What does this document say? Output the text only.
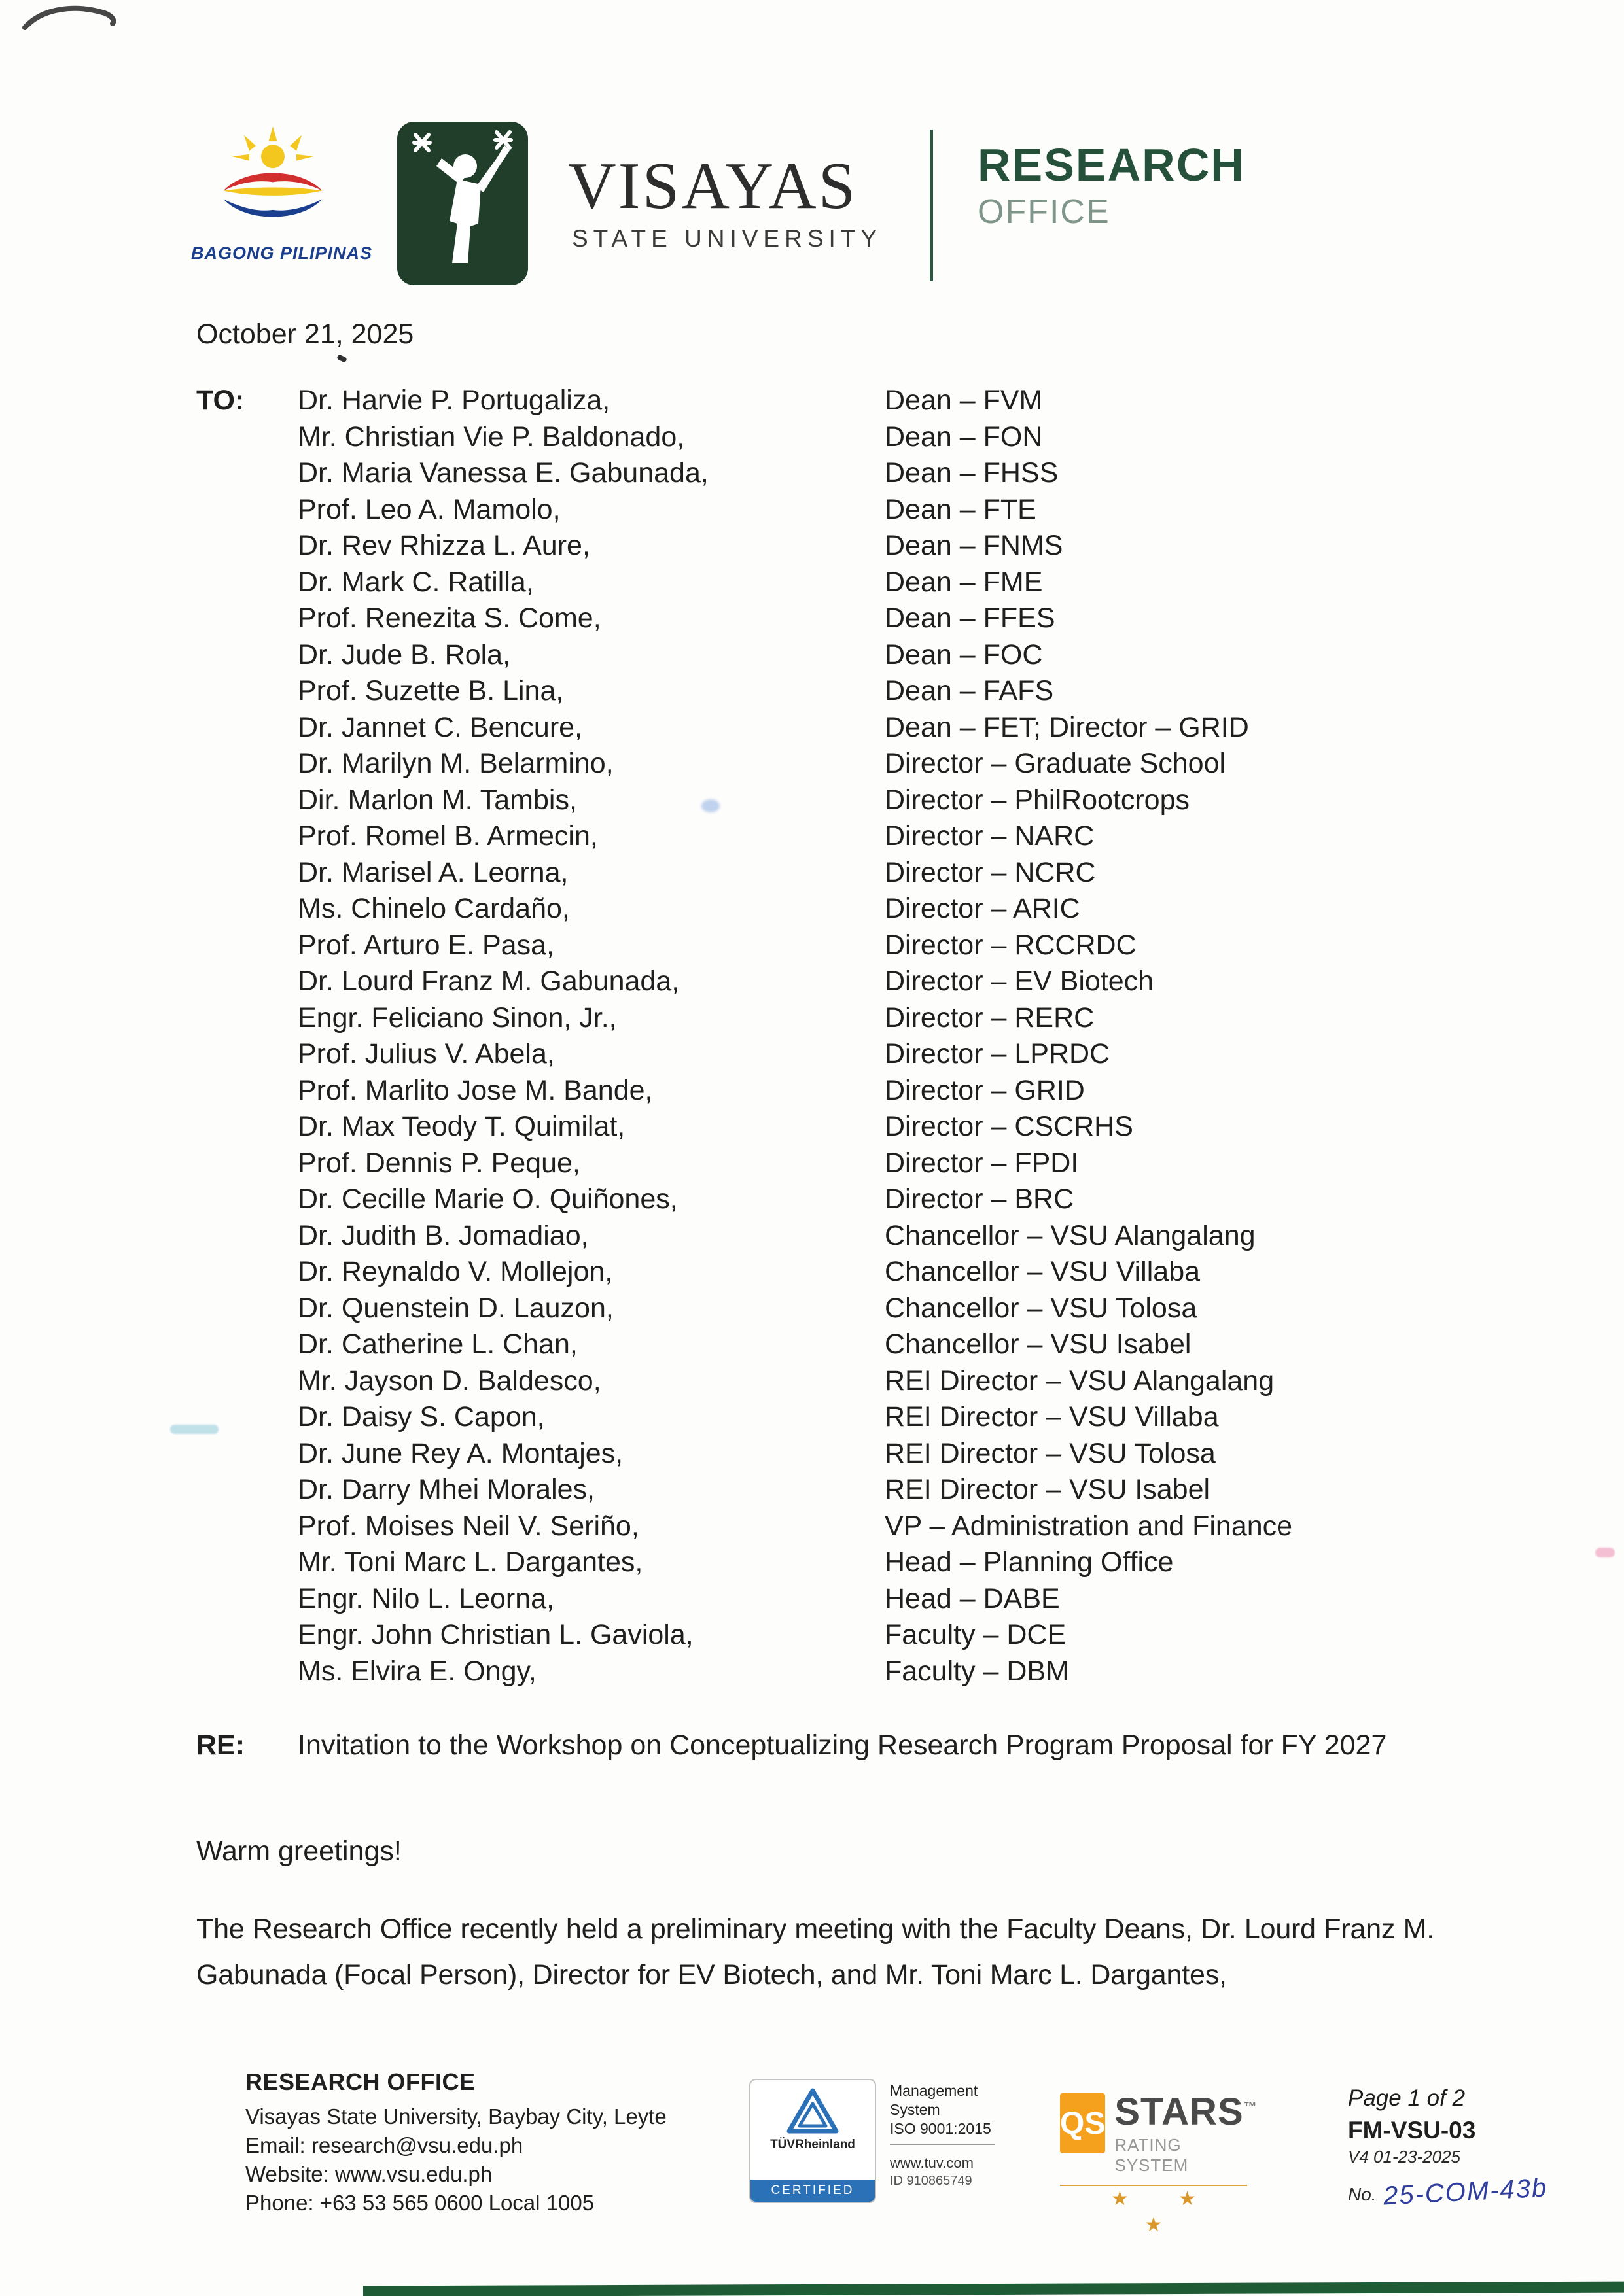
BAGONG PILIPINAS
VISAYAS
STATE UNIVERSITY
RESEARCH
OFFICE
October 21, 2025
TO: Dr. Harvie P. Portugaliza,	Dean – FVM
Mr. Christian Vie P. Baldonado,	Dean – FON
Dr. Maria Vanessa E. Gabunada,	Dean – FHSS
Prof. Leo A. Mamolo,	Dean – FTE
Dr. Rev Rhizza L. Aure,	Dean – FNMS
Dr. Mark C. Ratilla,	Dean – FME
Prof. Renezita S. Come,	Dean – FFES
Dr. Jude B. Rola,	Dean – FOC
Prof. Suzette B. Lina,	Dean – FAFS
Dr. Jannet C. Bencure,	Dean – FET; Director – GRID
Dr. Marilyn M. Belarmino,	Director – Graduate School
Dir. Marlon M. Tambis,	Director – PhilRootcrops
Prof. Romel B. Armecin,	Director – NARC
Dr. Marisel A. Leorna,	Director – NCRC
Ms. Chinelo Cardaño,	Director – ARIC
Prof. Arturo E. Pasa,	Director – RCCRDC
Dr. Lourd Franz M. Gabunada,	Director – EV Biotech
Engr. Feliciano Sinon, Jr.,	Director – RERC
Prof. Julius V. Abela,	Director – LPRDC
Prof. Marlito Jose M. Bande,	Director – GRID
Dr. Max Teody T. Quimilat,	Director – CSCRHS
Prof. Dennis P. Peque,	Director – FPDI
Dr. Cecille Marie O. Quiñones,	Director – BRC
Dr. Judith B. Jomadiao,	Chancellor – VSU Alangalang
Dr. Reynaldo V. Mollejon,	Chancellor – VSU Villaba
Dr. Quenstein D. Lauzon,	Chancellor – VSU Tolosa
Dr. Catherine L. Chan,	Chancellor – VSU Isabel
Mr. Jayson D. Baldesco,	REI Director – VSU Alangalang
Dr. Daisy S. Capon,	REI Director – VSU Villaba
Dr. June Rey A. Montajes,	REI Director – VSU Tolosa
Dr. Darry Mhei Morales,	REI Director – VSU Isabel
Prof. Moises Neil V. Seriño,	VP – Administration and Finance
Mr. Toni Marc L. Dargantes,	Head – Planning Office
Engr. Nilo L. Leorna,	Head – DABE
Engr. John Christian L. Gaviola,	Faculty – DCE
Ms. Elvira E. Ongy,	Faculty – DBM
RE: Invitation to the Workshop on Conceptualizing Research Program Proposal for FY 2027
Warm greetings!
The Research Office recently held a preliminary meeting with the Faculty Deans, Dr. Lourd Franz M. Gabunada (Focal Person), Director for EV Biotech, and Mr. Toni Marc L. Dargantes,
RESEARCH OFFICE
Visayas State University, Baybay City, Leyte
Email: research@vsu.edu.ph
Website: www.vsu.edu.ph
Phone: +63 53 565 0600 Local 1005
TÜVRheinland
CERTIFIED
Management
System
ISO 9001:2015
www.tuv.com
ID 910865749
QS STARS™
RATING SYSTEM
★ ★ ★
Page 1 of 2
FM-VSU-03
V4 01-23-2025
No. 25-COM-43b
